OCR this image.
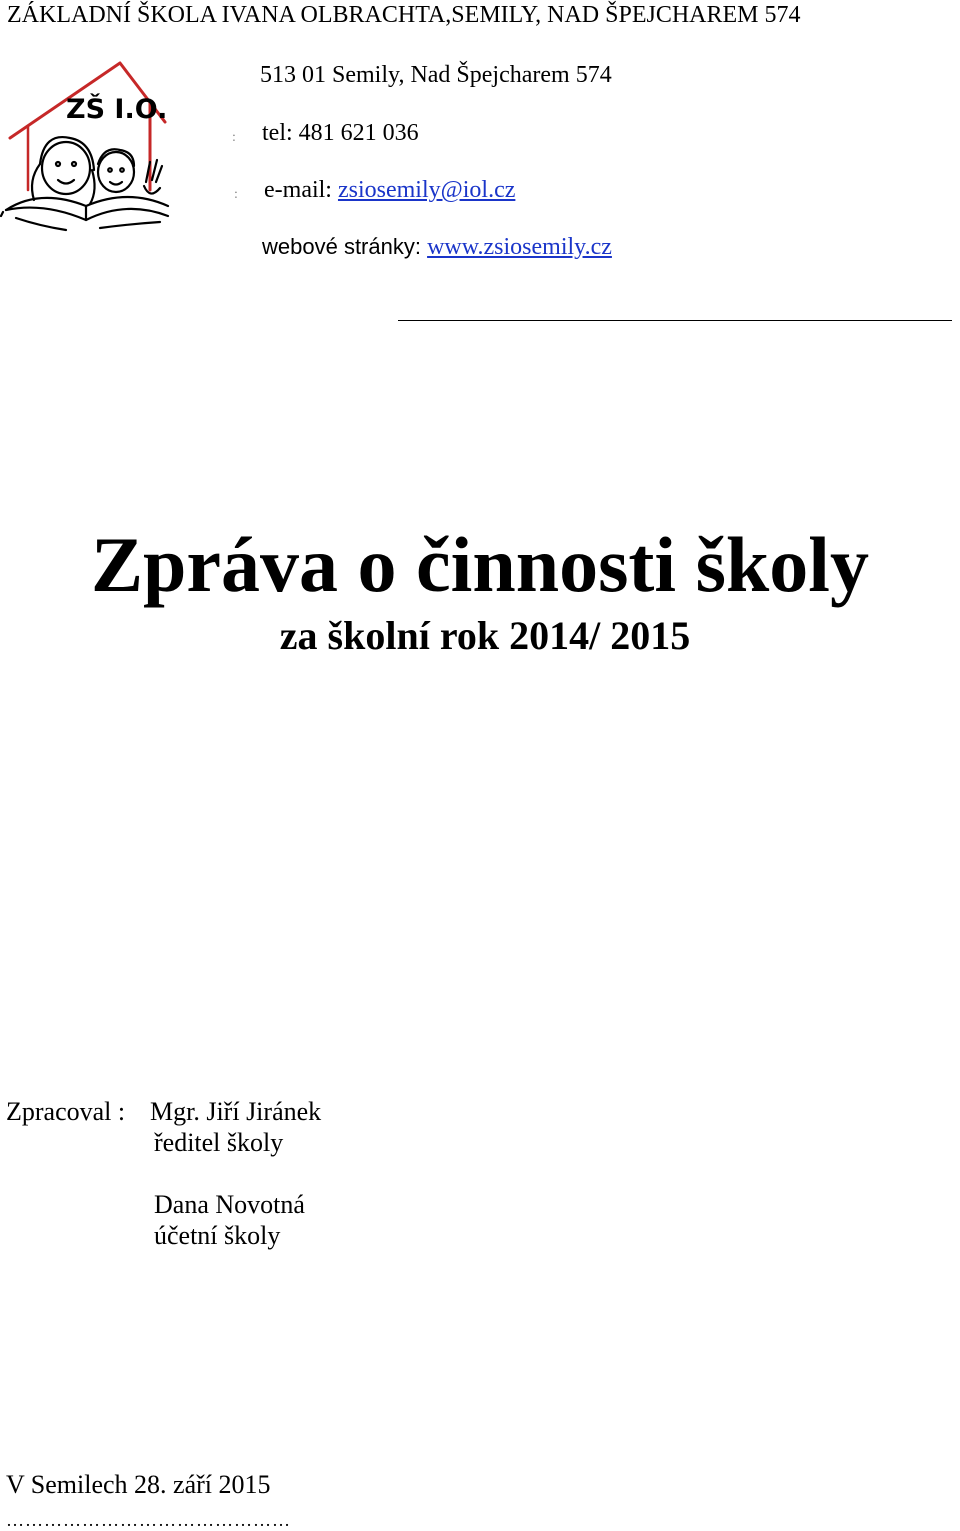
ZÁKLADNÍ ŠKOLA IVANA OLBRACHTA,SEMILY, NAD ŠPEJCHAREM 574
ZŠ I.O.
513 01 Semily, Nad Špejcharem 574
: tel: 481 621 036
: e-mail: zsiosemily@iol.cz
webové stránky: www.zsiosemily.cz
Zpráva o činnosti školy
za školní rok 2014/ 2015
Zpracoval : Mgr. Jiří Jiránek
ředitel školy
Dana Novotná
účetní školy
V Semilech 28. září 2015
………………………………………
